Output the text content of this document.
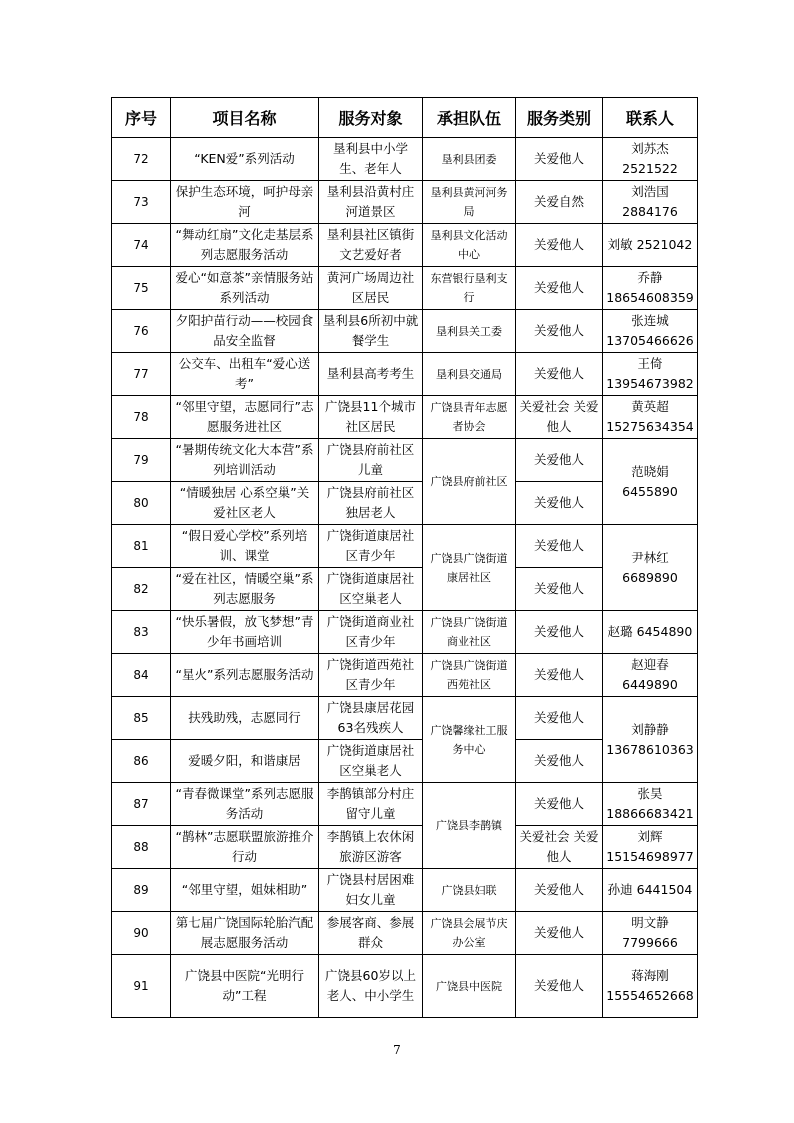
序号	项目名称	服务对象	承担队伍	服务类别	联系人
72	“KEN爱”系列活动	垦利县中小学生、老年人	垦利县团委	关爱他人	刘苏杰 2521522
73	保护生态环境，呵护母亲河	垦利县沿黄村庄河道景区	垦利县黄河河务局	关爱自然	刘浩国 2884176
74	“舞动红扇”文化走基层系列志愿服务活动	垦利县社区镇街文艺爱好者	垦利县文化活动中心	关爱他人	刘敏 2521042
75	爱心“如意茶”亲情服务站系列活动	黄河广场周边社区居民	东营银行垦利支行	关爱他人	乔静 18654608359
76	夕阳护苗行动——校园食品安全监督	垦利县6所初中就餐学生	垦利县关工委	关爱他人	张连城 13705466626
77	公交车、出租车“爱心送考”	垦利县高考考生	垦利县交通局	关爱他人	王倚 13954673982
78	“邻里守望，志愿同行”志愿服务进社区	广饶县11个城市社区居民	广饶县青年志愿者协会	关爱社会 关爱他人	黄英超 15275634354
79	“暑期传统文化大本营”系列培训活动	广饶县府前社区儿童	广饶县府前社区	关爱他人	范晓娟 6455890
80	“情暖独居 心系空巢”关爱社区老人	广饶县府前社区独居老人		关爱他人	
81	“假日爱心学校”系列培训、课堂	广饶街道康居社区青少年	广饶县广饶街道康居社区	关爱他人	尹林红 6689890
82	“爱在社区，情暖空巢”系列志愿服务	广饶街道康居社区空巢老人		关爱他人	
83	“快乐暑假，放飞梦想”青少年书画培训	广饶街道商业社区青少年	广饶县广饶街道商业社区	关爱他人	赵璐 6454890
84	“星火”系列志愿服务活动	广饶街道西苑社区青少年	广饶县广饶街道西苑社区	关爱他人	赵迎春 6449890
85	扶残助残，志愿同行	广饶县康居花园63名残疾人	广饶馨缘社工服务中心	关爱他人	刘静静 13678610363
86	爱暖夕阳，和谐康居	广饶街道康居社区空巢老人		关爱他人	
87	“青春微课堂”系列志愿服务活动	李鹊镇部分村庄留守儿童	广饶县李鹊镇	关爱他人	张昊 18866683421
88	“鹊林”志愿联盟旅游推介行动	李鹊镇上农休闲旅游区游客		关爱社会 关爱他人	刘辉 15154698977
89	“邻里守望，姐妹相助”	广饶县村居困难妇女儿童	广饶县妇联	关爱他人	孙迪 6441504
90	第七届广饶国际轮胎汽配展志愿服务活动	参展客商、参展群众	广饶县会展节庆办公室	关爱他人	明文静 7799666
91	广饶县中医院“光明行动”工程	广饶县60岁以上老人、中小学生	广饶县中医院	关爱他人	蒋海刚 15554652668
7
